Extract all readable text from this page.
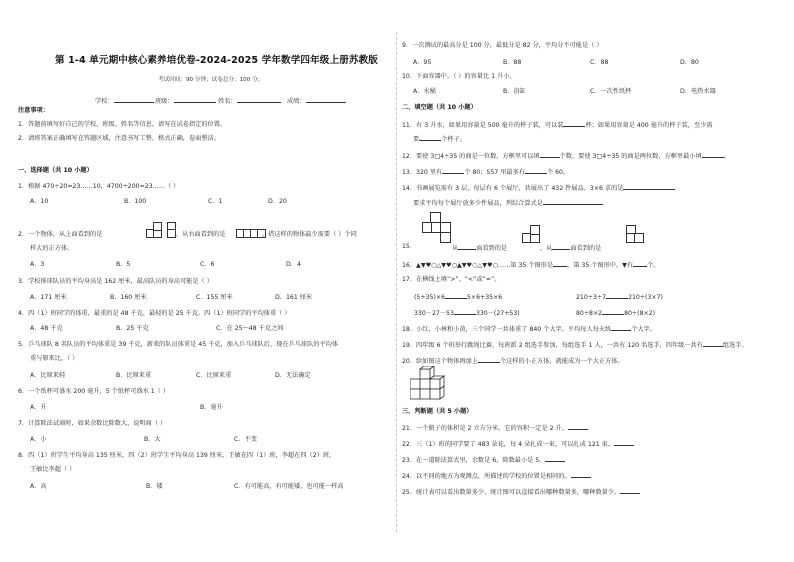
第 1-4 单元期中核心素养培优卷-2024-2025 学年数学四年级上册苏教版
考试时间：90 分钟；试卷总分：100 分；
学校：	班级：	姓名：	成绩：
注意事项：
1．答题前填写好自己的学校、班级、姓名等信息，请写在试卷指定的位置。
2．请将答案正确填写在答题区域，注意书写工整，格式正确，卷面整洁。
一、选择题（共 10 小题）
1．根据 470÷20=23……10，4700÷200=23……（ ）
A．10	B．100	C．1	D．20
2．一个物体，从上面看到的是	，从右面看到的是	，搭这样的物体最少需要（ ）个同
样大的正方体。
A．3	B．5	C．6	D．4
3．学校排球队员的平均身高是 162 厘米，最高队员的身高可能是（ ）
A．171 厘米	B．160 厘米	C．155 厘米	D．161 厘米
4．四（1）班同学的体重，最重的是 48 千克，最轻的是 25 千克。四（1）班同学的平均体重（ ）
A．48 千克	B．25 千克	C．在 25～48 千克之间
5．乒乓球队 8 名队员的平均体重是 39 千克，新来的队员体重是 45 千克，加入乒乓球队后，现在乒乓球队的平均体
重与原来比，（ ）
A．比原来轻	B．比原来重	C．比原来重	D．无法确定
6．一个纸杯可盛水 200 毫升，5 个纸杯可盛水 1（ ）
A．升	B．毫升
7．计算除法试商时，如果余数比除数大，说明商（ ）
A．小	B．大	C．不变
8．四（1）班学生平均身高 135 厘米，四（2）班学生平均身高 139 厘米，王敏在四（1）班，李超在四（2）班，
王敏比李超（ ）
A．高	B．矮	C．有可能高，有可能矮，也可能一样高
9．一次测试的最高分是 100 分，最低分是 82 分，平均分不可能是（ ）
A．95	B．88	C．88	D．80
10．下面容器中，（ ）的容量比 1 升小。
A．水桶	B．浴缸	C．一次性纸杯	D．电热水器
二、填空题（共 10 小题）
11．有 3 升水，如果用容量是 500 毫升的杯子装，可以装	杯；如果用容量是 400 毫升的杯子装，至少需
要	个杯子。
12．要使 3□4÷35 的商是一位数，方框里可以填	个数，要使 3□4÷35 的商是两位数，方框里最小填	。
13．320 里有	个 80；557 里最多有	个 60。
14．书画展览需有 3 层，每层有 6 个展厅，共展出了 432 件展品。3×6 求的是
要求平均每个展厅放多少件展品，列综合算式是
15．	从	面看到的是	，从	面看到的是
16．▲▼♥○△▼♥○▲▼♥○△▼♥○……第 35 个图形是 ，第 35 个图形中，▼有 个。
17．在横线上填“>”、“<”或“=”。
(5+35)×6	5×6+35×6	210÷3÷7	210÷(3×7)
330－27－53	330－(27+53)	80÷8×2	80÷(8×2)
18．小红、小林和小黄，三个同学一共体重了 840 个大字，平均每人每天练	个大字。
19．四年级 6 个班举行跳绳比赛，每班派 2 组选手参加，每组选手 1 人，一共有 120 名选手，四年级一共有	组选手。
20．给如图这个物体再加上	个这样的小正方体，就能成为一个大正方体。
三、判断题（共 5 小题）
21．一个瓶子的体积是 2 立方分米，它的容积一定是 2 升。
22．三（1）班的同学要了 483 朵花，每 4 朵扎成一束，可以扎成 121 束。
23．在一道除法算式里，余数是 6，除数最小是 5。
24．以不同的地方为观测点，所描述的学校的位置是相同的。
25．统计表可以看出数量多少，统计图可以直接看出哪种数量多，哪种数量少。
